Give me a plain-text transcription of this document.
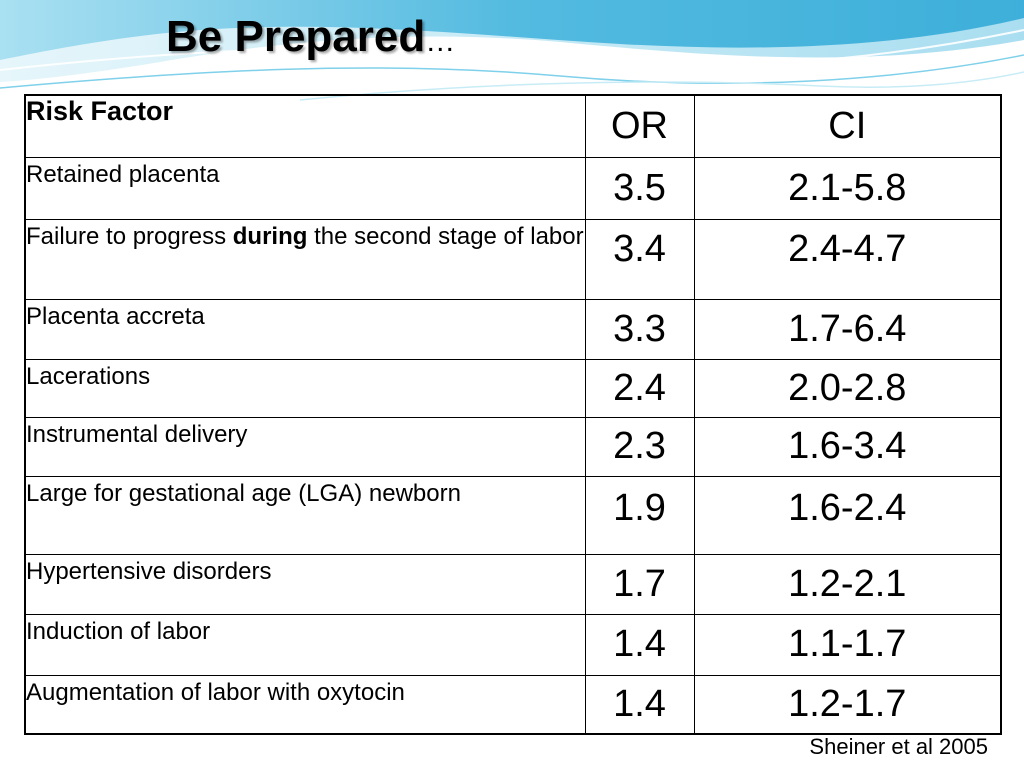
Be Prepared…
Risk Factor	OR	CI
Retained placenta	3.5	2.1-5.8
Failure to progress during the second stage of labor	3.4	2.4-4.7
Placenta accreta	3.3	1.7-6.4
Lacerations	2.4	2.0-2.8
Instrumental delivery	2.3	1.6-3.4
Large for gestational age (LGA) newborn	1.9	1.6-2.4
Hypertensive disorders	1.7	1.2-2.1
Induction of labor	1.4	1.1-1.7
Augmentation of labor with oxytocin	1.4	1.2-1.7
Sheiner et al 2005
